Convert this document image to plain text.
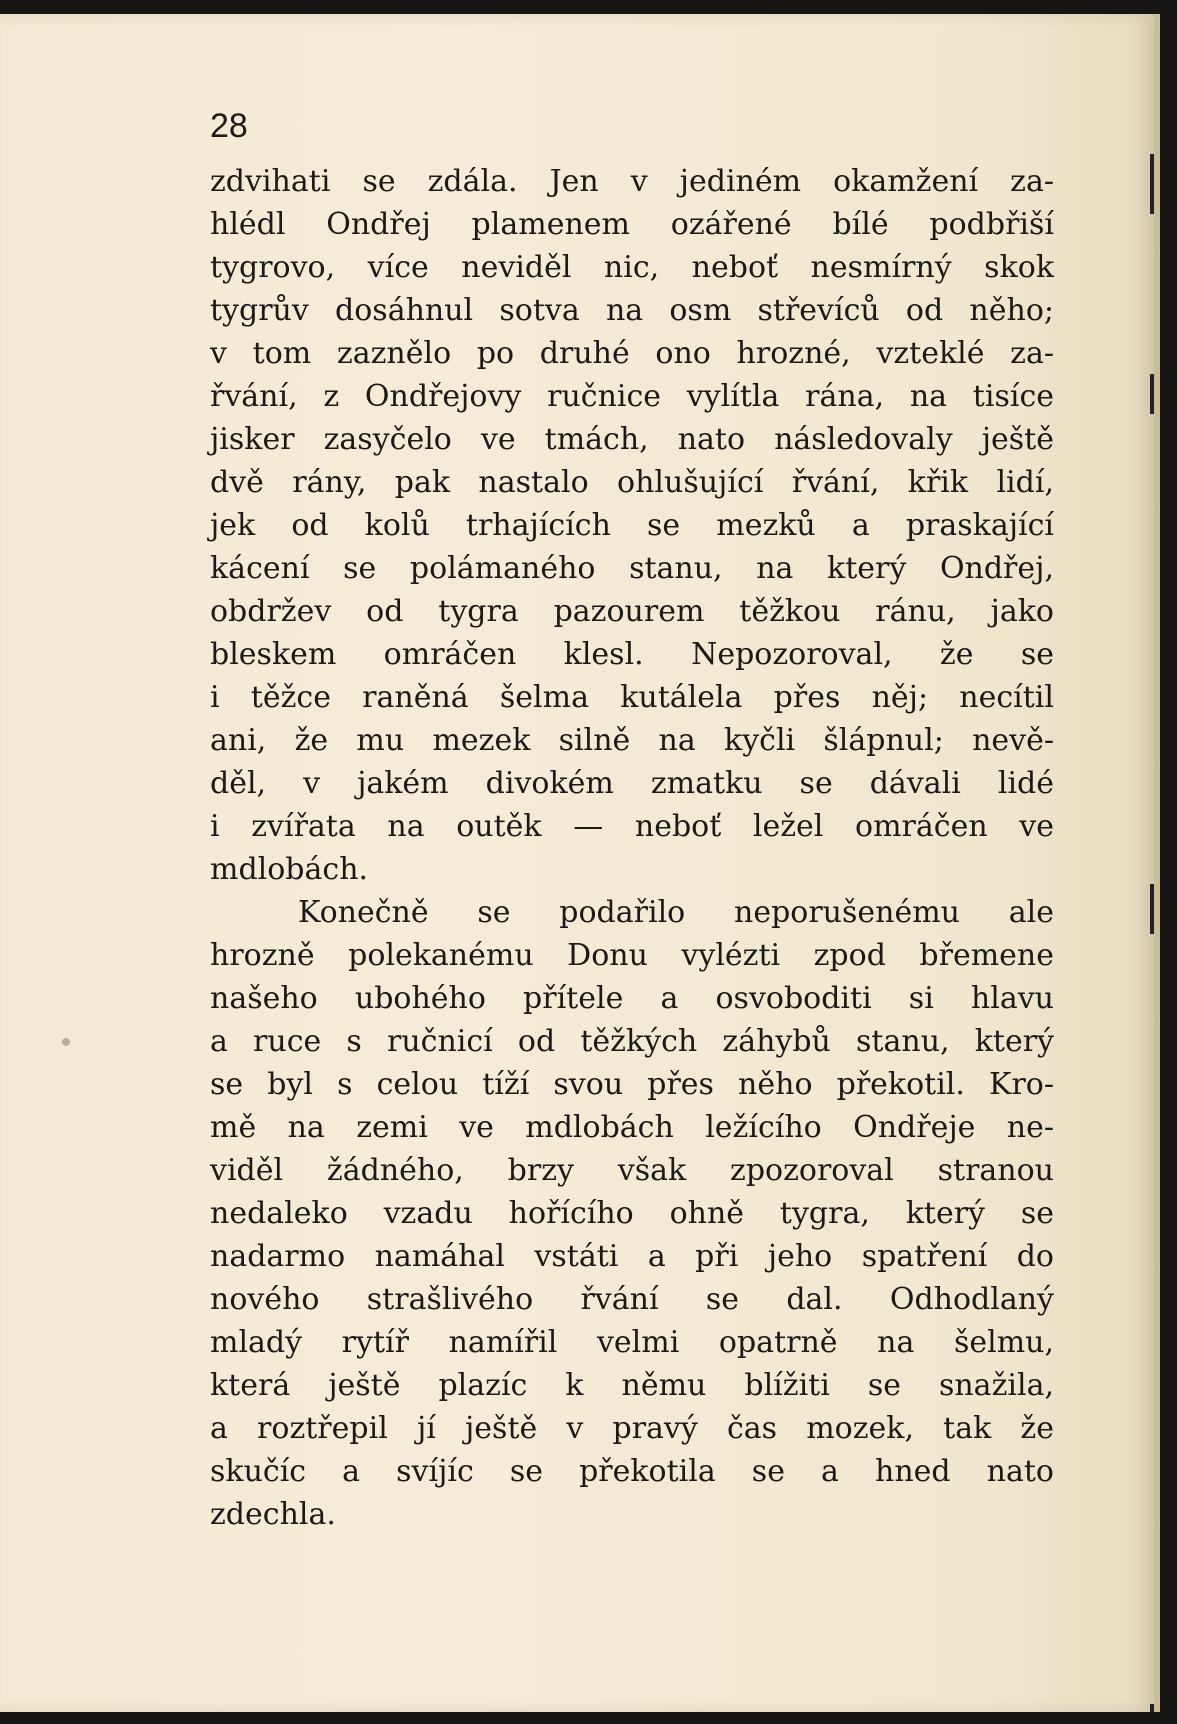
28
zdvihati se zdála. Jen v jediném okamžení za-
hlédl Ondřej plamenem ozářené bílé podbřiší
tygrovo, více neviděl nic, neboť nesmírný skok
tygrův dosáhnul sotva na osm střevíců od něho;
v tom zaznělo po druhé ono hrozné, vzteklé za-
řvání, z Ondřejovy ručnice vylítla rána, na tisíce
jisker zasyčelo ve tmách, nato následovaly ještě
dvě rány, pak nastalo ohlušující řvání, křik lidí,
jek od kolů trhajících se mezků a praskající
kácení se polámaného stanu, na který Ondřej,
obdržev od tygra pazourem těžkou ránu, jako
bleskem omráčen klesl. Nepozoroval, že se
i těžce raněná šelma kutálela přes něj; necítil
ani, že mu mezek silně na kyčli šlápnul; nevě-
děl, v jakém divokém zmatku se dávali lidé
i zvířata na outěk — neboť ležel omráčen ve
mdlobách.
Konečně se podařilo neporušenému ale
hrozně polekanému Donu vylézti zpod břemene
našeho ubohého přítele a osvoboditi si hlavu
a ruce s ručnicí od těžkých záhybů stanu, který
se byl s celou tíží svou přes něho překotil. Kro-
mě na zemi ve mdlobách ležícího Ondřeje ne-
viděl žádného, brzy však zpozoroval stranou
nedaleko vzadu hořícího ohně tygra, který se
nadarmo namáhal vstáti a při jeho spatření do
nového strašlivého řvání se dal. Odhodlaný
mladý rytíř namířil velmi opatrně na šelmu,
která ještě plazíc k němu blížiti se snažila,
a roztřepil jí ještě v pravý čas mozek, tak že
skučíc a svíjíc se překotila se a hned nato
zdechla.
